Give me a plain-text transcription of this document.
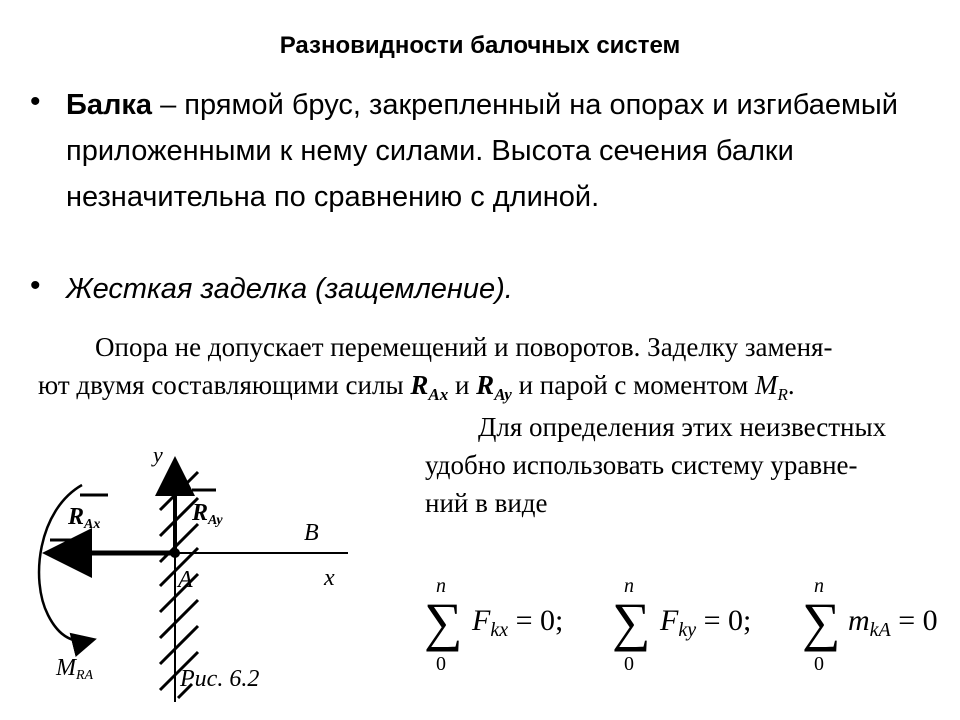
Разновидности балочных систем
• Балка – прямой брус, закрепленный на опорах и изгибаемый приложенными к нему силами. Высота сечения балки незначительна по сравнению с длиной.
• Жесткая заделка (защемление).
Опора не допускает перемещений и поворотов. Заделку заменя-
ют двумя составляющими силы $R_{Ax}$ и $R_{Ay}$ и парой с моментом $M_R$.
Для определения этих неизвестных
удобно использовать систему уравне-
ний в виде
y
x
A
B
RAx	RAy
MRA	Рис. 6.2
n
∑
0
$F_{kx} = 0$;
n
∑
0
$F_{ky} = 0$;
n
∑
0
$m_{kA} = 0$
